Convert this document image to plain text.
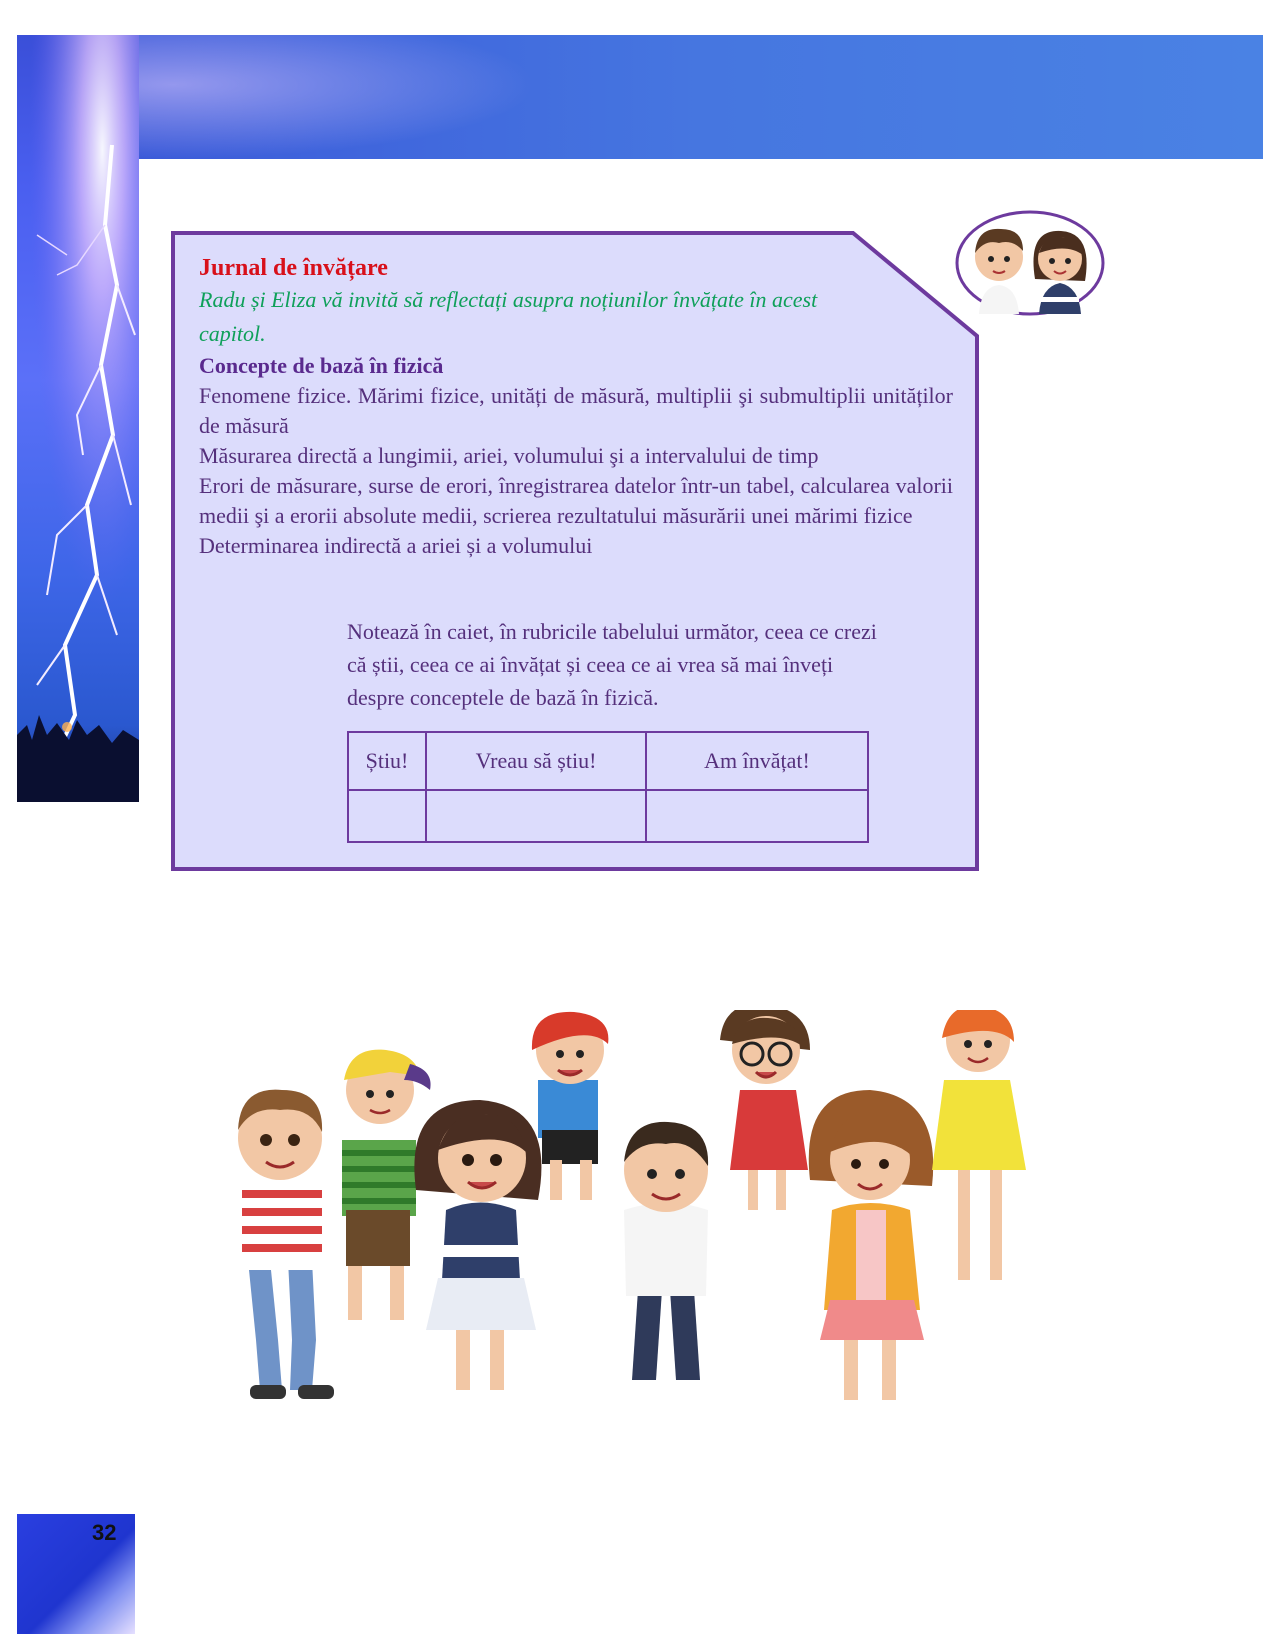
Jurnal de învățare

Radu și Eliza vă invită să reflectați asupra noțiunilor învățate în acest capitol.

Concepte de bază în fizică

Fenomene fizice. Mărimi fizice, unități de măsură, multiplii şi submultiplii unităților de măsură

Măsurarea directă a lungimii, ariei, volumului şi a intervalului de timp

Erori de măsurare, surse de erori, înregistrarea datelor într-un tabel, calcularea valorii medii şi a erorii absolute medii, scrierea rezultatului măsurării unei mărimi fizice

Determinarea indirectă a ariei și a volumului

Notează în caiet, în rubricile tabelului următor, ceea ce crezi că știi, ceea ce ai învățat și ceea ce ai vrea să mai înveți despre conceptele de bază în fizică.

Știu!	Vreau să știu!	Am învățat!

32
